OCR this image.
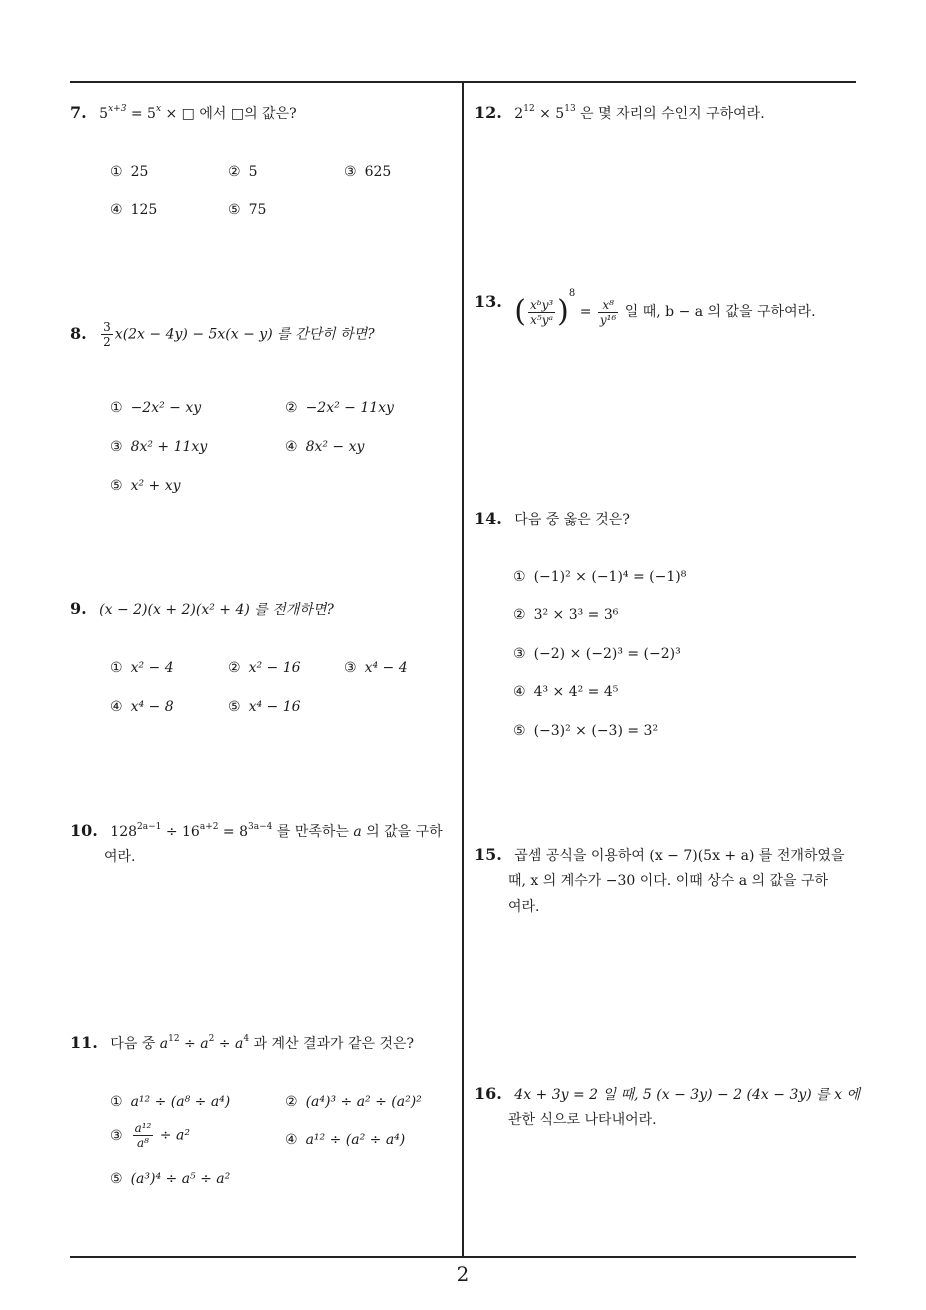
7. $5^{x+3} = 5^x$ × □ 에서 □의 값은?
① 25	② 5	③ 625
④ 125	⑤ 75
8. $\frac{3}{2} x(2x - 4y) - 5x(x - y)$ 를 간단히 하면?
① −2x² − xy	② −2x² − 11xy
③ 8x² + 11xy	④ 8x² − xy
⑤ x² + xy
9. (x − 2)(x + 2)(x² + 4) 를 전개하면?
① x² − 4	② x² − 16	③ x⁴ − 4
④ x⁴ − 8	⑤ x⁴ − 16
10. $128^{2a-1} \div 16^{a+2} = 8^{3a-4}$ 를 만족하는 a 의 값을 구하
여라.
11. 다음 중 $a^{12} \div a^2 \div a^4$ 과 계산 결과가 같은 것은?
① a¹² ÷ (a⁸ ÷ a⁴)	② (a⁴)³ ÷ a² ÷ (a²)²
③ $\frac{\text{a¹²}}{\text{a⁸}} \div a^2$	④ a¹² ÷ (a² ÷ a⁴)
⑤ (a³)⁴ ÷ a⁵ ÷ a²
12. $2^{12} \times 5^{13}$ 은 몇 자리의 수인지 구하여라.
13. ( $\frac{\text{xᵇy³}}{\text{x⁵yᵃ}} )^8 = \frac{\text{x⁸}}{\text{y¹⁶}}$ 일 때, b − a 의 값을 구하여라.
14. 다음 중 옳은 것은?
① (−1)² × (−1)⁴ = (−1)⁸
② 3² × 3³ = 3⁶
③ (−2) × (−2)³ = (−2)³
④ 4³ × 4² = 4⁵
⑤ (−3)² × (−3) = 3²
15. 곱셈 공식을 이용하여 (x − 7)(5x + a) 를 전개하였을
때, x 의 계수가 −30 이다. 이때 상수 a 의 값을 구하
여라.
16. 4x + 3y = 2 일 때, 5 (x − 3y) − 2 (4x − 3y) 를 x 에
관한 식으로 나타내어라.
2
